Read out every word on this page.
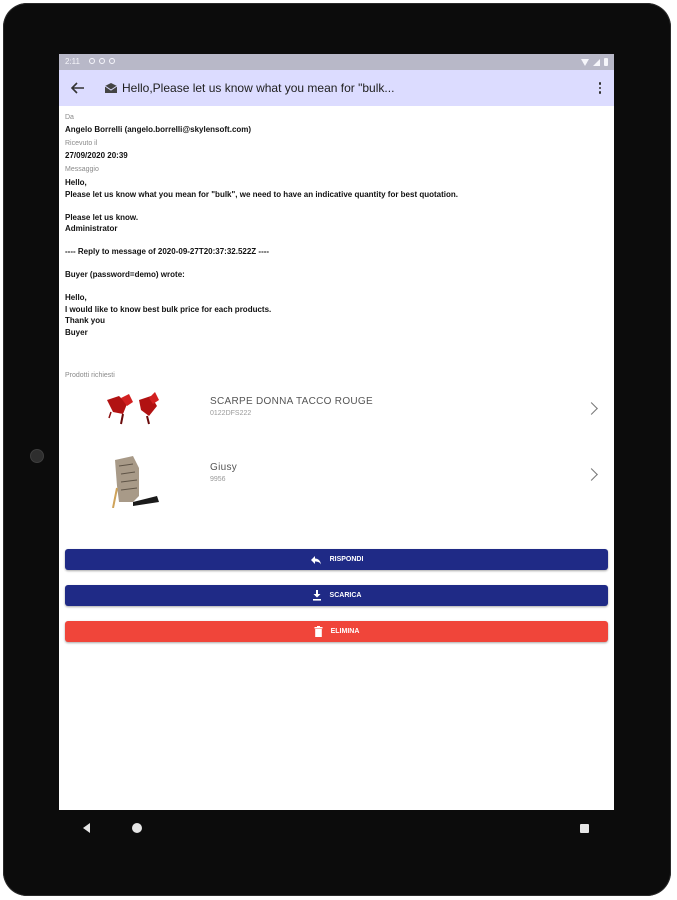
2:11
Hello,Please let us know what you mean for "bulk...
Da
Angelo Borrelli (angelo.borrelli@skylensoft.com)
Ricevuto il
27/09/2020 20:39
Messaggio
Hello,
Please let us know what you mean for "bulk", we need to have an indicative quantity for best quotation.
Please let us know.
Administrator
---- Reply to message of 2020-09-27T20:37:32.522Z ----
Buyer (password=demo) wrote:
Hello,
I would like to know best bulk price for each products.
Thank you
Buyer
Prodotti richiesti
SCARPE DONNA TACCO ROUGE
0122DFS222
Giusy
9956
RISPONDI
SCARICA
ELIMINA
